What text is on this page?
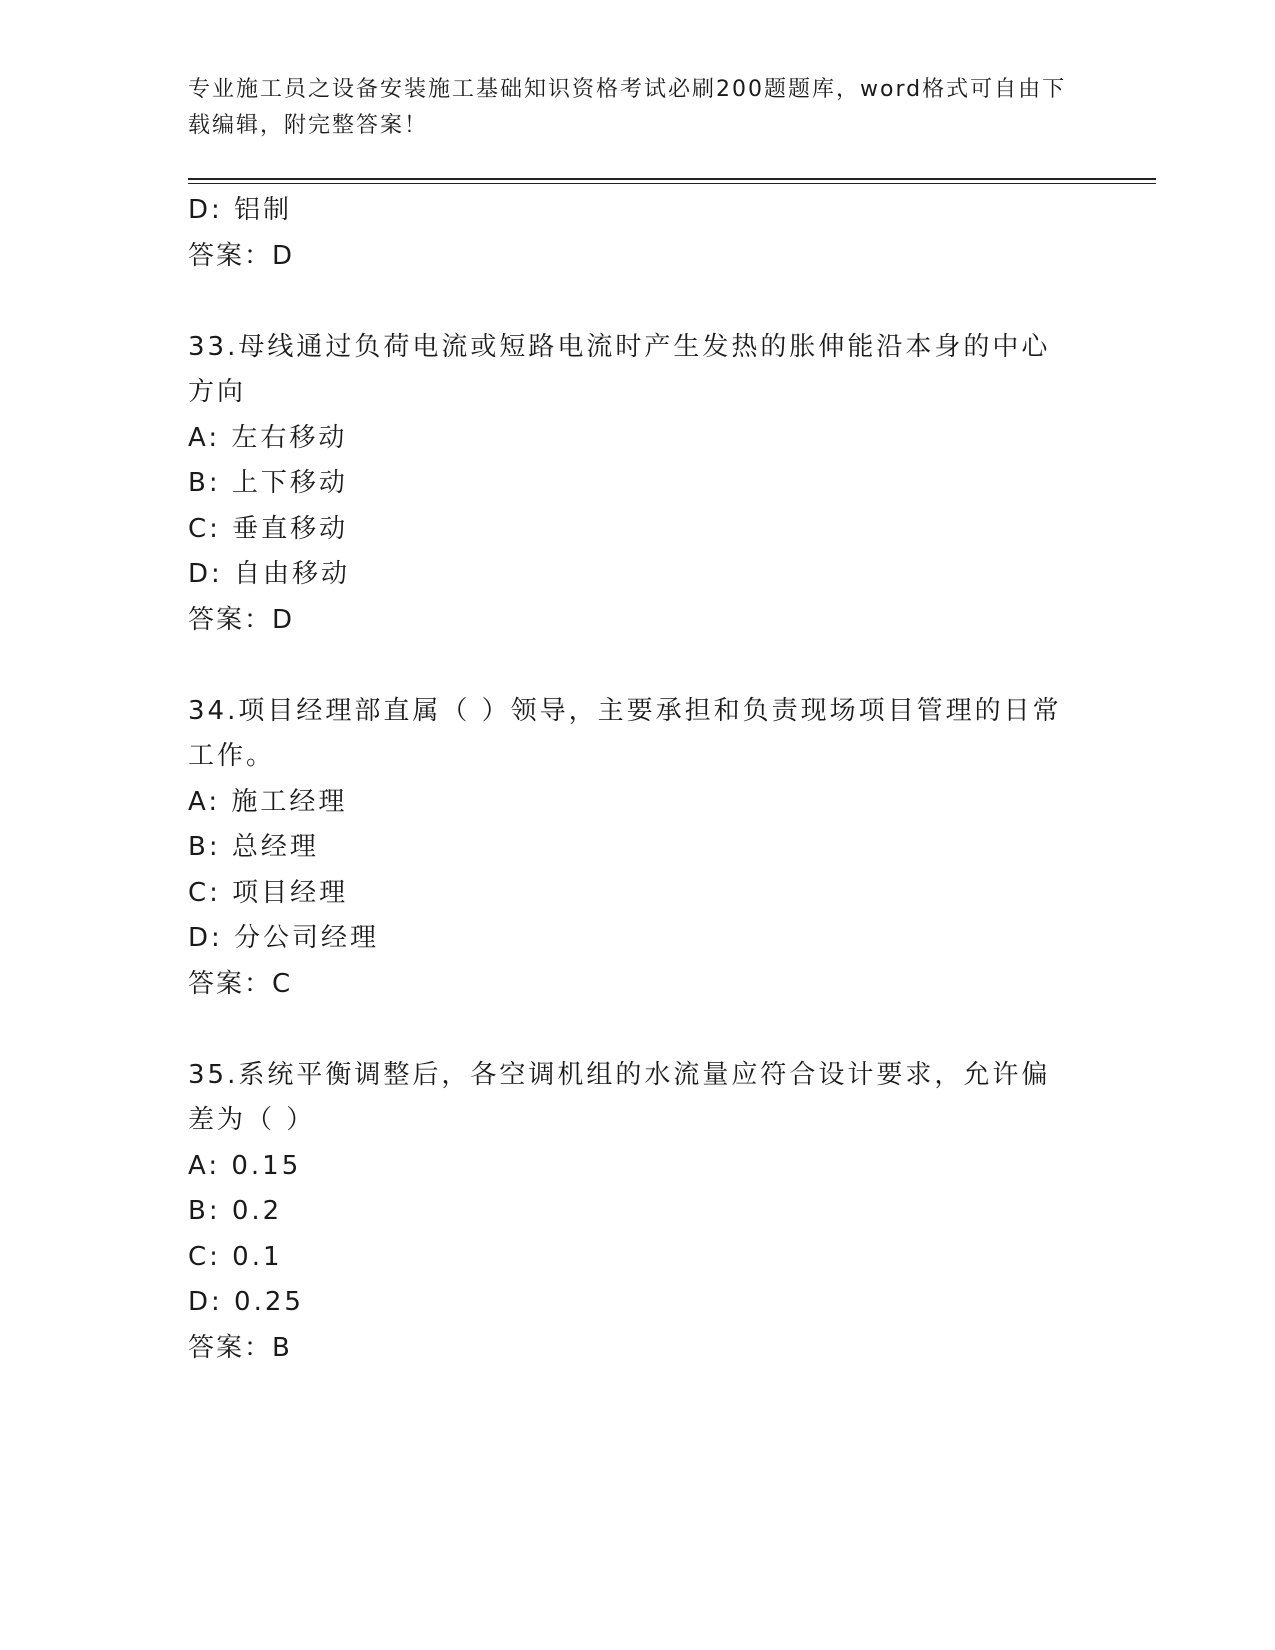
专业施工员之设备安装施工基础知识资格考试必刷200题题库，word格式可自由下载编辑，附完整答案！
D: 铝制
答案：D
33.母线通过负荷电流或短路电流时产生发热的胀伸能沿本身的中心方向
A: 左右移动
B: 上下移动
C: 垂直移动
D: 自由移动
答案：D
34.项目经理部直属（ ）领导，主要承担和负责现场项目管理的日常工作。
A: 施工经理
B: 总经理
C: 项目经理
D: 分公司经理
答案：C
35.系统平衡调整后，各空调机组的水流量应符合设计要求，允许偏差为（ ）
A: 0.15
B: 0.2
C: 0.1
D: 0.25
答案：B
